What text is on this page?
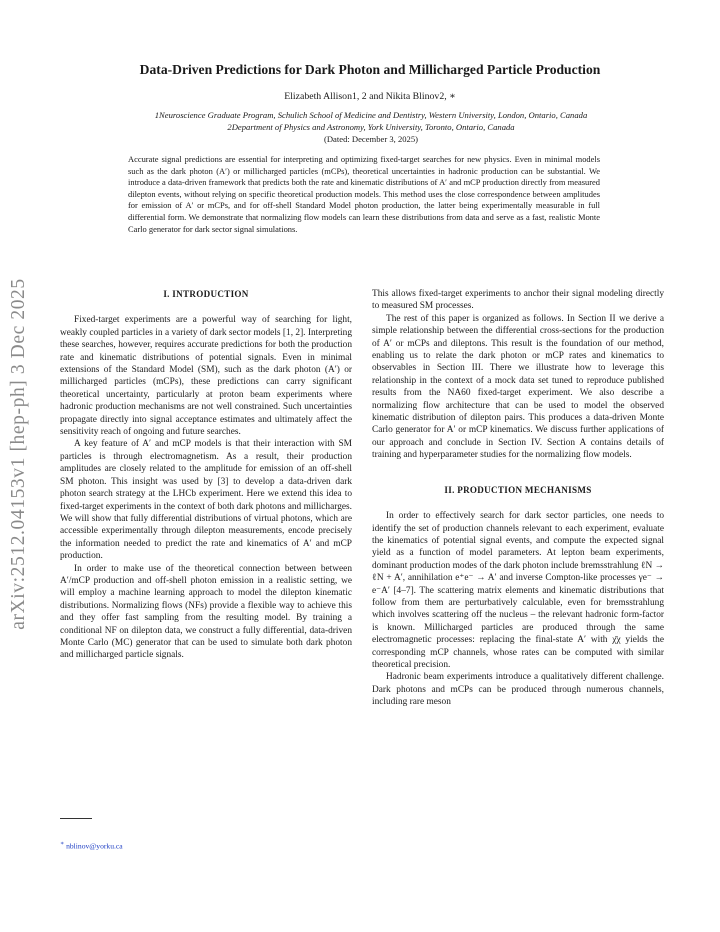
arXiv:2512.04153v1 [hep-ph] 3 Dec 2025
Data-Driven Predictions for Dark Photon and Millicharged Particle Production
Elizabeth Allison1, 2 and Nikita Blinov2, ∗
1Neuroscience Graduate Program, Schulich School of Medicine and Dentistry, Western University, London, Ontario, Canada
2Department of Physics and Astronomy, York University, Toronto, Ontario, Canada
(Dated: December 3, 2025)
Accurate signal predictions are essential for interpreting and optimizing fixed-target searches for new physics. Even in minimal models such as the dark photon (A′) or millicharged particles (mCPs), theoretical uncertainties in hadronic production can be substantial. We introduce a data-driven framework that predicts both the rate and kinematic distributions of A′ and mCP production directly from measured dilepton events, without relying on specific theoretical production models. This method uses the close correspondence between amplitudes for emission of A′ or mCPs, and for off-shell Standard Model photon production, the latter being experimentally measurable in full differential form. We demonstrate that normalizing flow models can learn these distributions from data and serve as a fast, realistic Monte Carlo generator for dark sector signal simulations.
I. INTRODUCTION

Fixed-target experiments are a powerful way of searching for light, weakly coupled particles in a variety of dark sector models [1, 2]. Interpreting these searches, however, requires accurate predictions for both the production rate and kinematic distributions of potential signals. Even in minimal extensions of the Standard Model (SM), such as the dark photon (A′) or millicharged particles (mCPs), these predictions can carry significant theoretical uncertainty, particularly at proton beam experiments where hadronic production mechanisms are not well constrained. Such uncertainties propagate directly into signal acceptance estimates and ultimately affect the sensitivity reach of ongoing and future searches.

A key feature of A′ and mCP models is that their interaction with SM particles is through electromagnetism. As a result, their production amplitudes are closely related to the amplitude for emission of an off-shell SM photon. This insight was used by [3] to develop a data-driven dark photon search strategy at the LHCb experiment. Here we extend this idea to fixed-target experiments in the context of both dark photons and millicharges. We will show that fully differential distributions of virtual photons, which are accessible experimentally through dilepton measurements, encode precisely the information needed to predict the rate and kinematics of A′ and mCP production.

In order to make use of the theoretical connection between between A′/mCP production and off-shell photon emission in a realistic setting, we will employ a machine learning approach to model the dilepton kinematic distributions. Normalizing flows (NFs) provide a flexible way to achieve this and they offer fast sampling from the resulting model. By training a conditional NF on dilepton data, we construct a fully differential, data-driven Monte Carlo (MC) generator that can be used to simulate both dark photon and millicharged particle signals.

This allows fixed-target experiments to anchor their signal modeling directly to measured SM processes.

The rest of this paper is organized as follows. In Section II we derive a simple relationship between the differential cross-sections for the production of A′ or mCPs and dileptons. This result is the foundation of our method, enabling us to relate the dark photon or mCP rates and kinematics to observables in Section III. There we illustrate how to leverage this relationship in the context of a mock data set tuned to reproduce published results from the NA60 fixed-target experiment. We also describe a normalizing flow architecture that can be used to model the observed kinematic distribution of dilepton pairs. This produces a data-driven Monte Carlo generator for A′ or mCP kinematics. We discuss further applications of our approach and conclude in Section IV. Section A contains details of training and hyperparameter studies for the normalizing flow models.

II. PRODUCTION MECHANISMS

In order to effectively search for dark sector particles, one needs to identify the set of production channels relevant to each experiment, evaluate the kinematics of potential signal events, and compute the expected signal yield as a function of model parameters. At lepton beam experiments, dominant production modes of the dark photon include bremsstrahlung ℓN → ℓN + A′, annihilation e⁺e⁻ → A′ and inverse Compton-like processes γe⁻ → e⁻A′ [4–7]. The scattering matrix elements and kinematic distributions that follow from them are perturbatively calculable, even for bremsstrahlung which involves scattering off the nucleus – the relevant hadronic form-factor is known. Millicharged particles are produced through the same electromagnetic processes: replacing the final-state A′ with χ̄χ yields the corresponding mCP channels, whose rates can be computed with similar theoretical precision.

Hadronic beam experiments introduce a qualitatively different challenge. Dark photons and mCPs can be produced through numerous channels, including rare meson

∗ nblinov@yorku.ca
